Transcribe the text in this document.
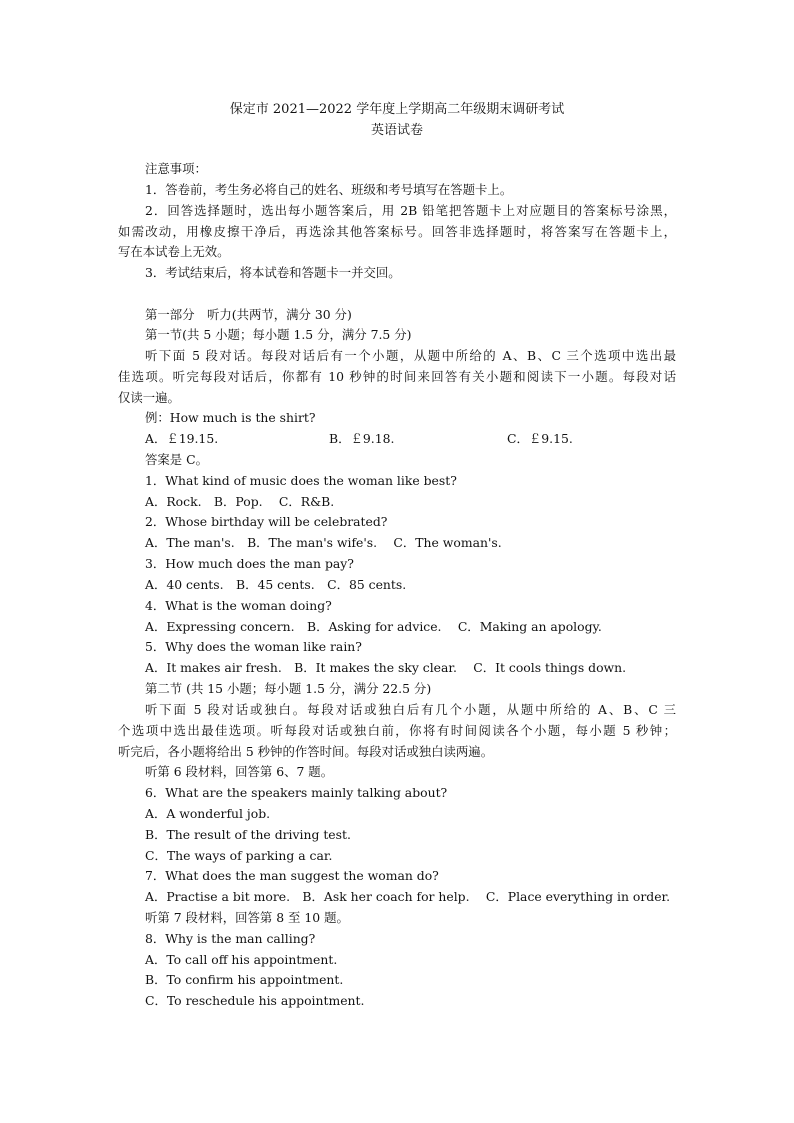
保定市 2021—2022 学年度上学期高二年级期末调研考试
英语试卷
注意事项：
1．答卷前，考生务必将自己的姓名、班级和考号填写在答题卡上。
2．回答选择题时，选出每小题答案后，用 2B 铅笔把答题卡上对应题目的答案标号涂黑，
如需改动，用橡皮擦干净后，再选涂其他答案标号。回答非选择题时，将答案写在答题卡上，
写在本试卷上无效。
3．考试结束后，将本试卷和答题卡一并交回。
第一部分　听力(共两节，满分 30 分)
第一节(共 5 小题；每小题 1.5 分，满分 7.5 分)
听下面 5 段对话。每段对话后有一个小题，从题中所给的 A、B、C 三个选项中选出最
佳选项。听完每段对话后，你都有 10 秒钟的时间来回答有关小题和阅读下一小题。每段对话
仅读一遍。
例：How much is the shirt?
A．￡19.15.	B．￡9.18.	C．￡9.15.
答案是 C。
1．What kind of music does the woman like best?
A．Rock.　B．Pop.　 C．R&B.
2．Whose birthday will be celebrated?
A．The man's.　B．The man's wife's.　 C．The woman's.
3．How much does the man pay?
A．40 cents.　B．45 cents.　C．85 cents.
4．What is the woman doing?
A．Expressing concern.　B．Asking for advice.　 C．Making an apology.
5．Why does the woman like rain?
A．It makes air fresh.　B．It makes the sky clear.　 C．It cools things down.
第二节 (共 15 小题；每小题 1.5 分，满分 22.5 分)
听下面 5 段对话或独白。每段对话或独白后有几个小题，从题中所给的 A、B、C 三
个选项中选出最佳选项。听每段对话或独白前，你将有时间阅读各个小题，每小题 5 秒钟；
听完后，各小题将给出 5 秒钟的作答时间。每段对话或独白读两遍。
听第 6 段材料，回答第 6、7 题。
6．What are the speakers mainly talking about?
A．A wonderful job.
B．The result of the driving test.
C．The ways of parking a car.
7．What does the man suggest the woman do?
A．Practise a bit more.　B．Ask her coach for help.　 C．Place everything in order.
听第 7 段材料，回答第 8 至 10 题。
8．Why is the man calling?
A．To call off his appointment.
B．To confirm his appointment.
C．To reschedule his appointment.
